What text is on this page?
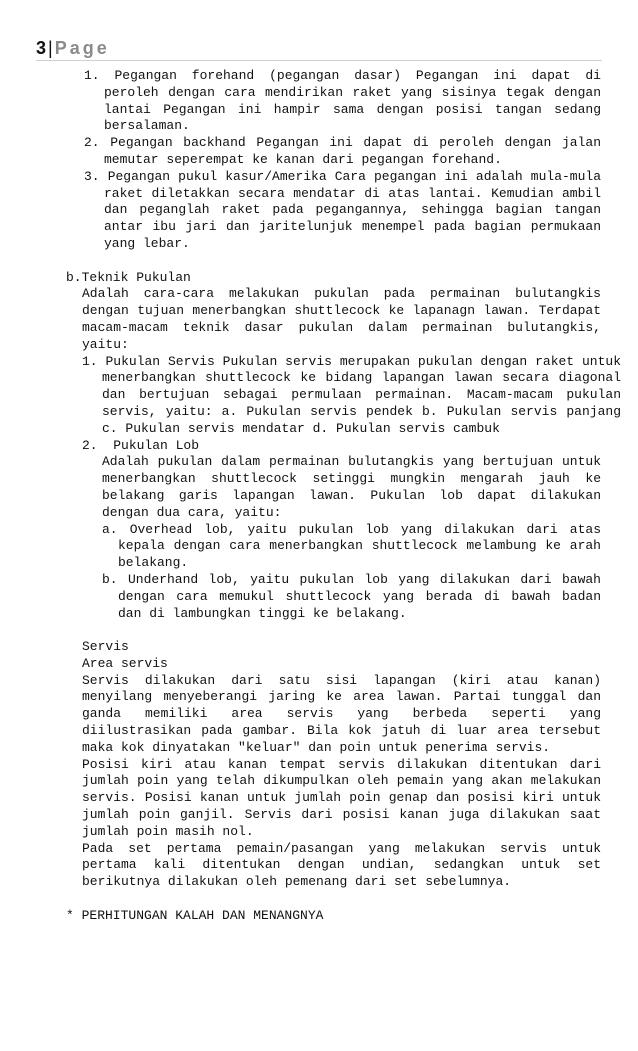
3 | Page

1. Pegangan forehand (pegangan dasar) Pegangan ini dapat di peroleh dengan cara mendirikan raket yang sisinya tegak dengan lantai Pegangan ini hampir sama dengan posisi tangan sedang bersalaman.

2. Pegangan backhand Pegangan ini dapat di peroleh dengan jalan memutar seperempat ke kanan dari pegangan forehand.

3. Pegangan pukul kasur/Amerika Cara pegangan ini adalah mula-mula raket diletakkan secara mendatar di atas lantai. Kemudian ambil dan peganglah raket pada pegangannya, sehingga bagian tangan antar ibu jari dan jaritelunjuk menempel pada bagian permukaan yang lebar.

b.Teknik Pukulan

Adalah cara-cara melakukan pukulan pada permainan bulutangkis dengan tujuan menerbangkan shuttlecock ke lapanagn lawan. Terdapat macam-macam teknik dasar pukulan dalam permainan bulutangkis, yaitu:

1. Pukulan Servis Pukulan servis merupakan pukulan dengan raket untuk menerbangkan shuttlecock ke bidang lapangan lawan secara diagonal dan bertujuan sebagai permulaan permainan. Macam-macam pukulan servis, yaitu: a. Pukulan servis pendek b. Pukulan servis panjang c. Pukulan servis mendatar d. Pukulan servis cambuk

2. Pukulan Lob

Adalah pukulan dalam permainan bulutangkis yang bertujuan untuk menerbangkan shuttlecock setinggi mungkin mengarah jauh ke belakang garis lapangan lawan. Pukulan lob dapat dilakukan dengan dua cara, yaitu:

a. Overhead lob, yaitu pukulan lob yang dilakukan dari atas kepala dengan cara menerbangkan shuttlecock melambung ke arah belakang.

b. Underhand lob, yaitu pukulan lob yang dilakukan dari bawah dengan cara memukul shuttlecock yang berada di bawah badan dan di lambungkan tinggi ke belakang.

Servis

Area servis

Servis dilakukan dari satu sisi lapangan (kiri atau kanan) menyilang menyeberangi jaring ke area lawan. Partai tunggal dan ganda memiliki area servis yang berbeda seperti yang diilustrasikan pada gambar. Bila kok jatuh di luar area tersebut maka kok dinyatakan "keluar" dan poin untuk penerima servis.

Posisi kiri atau kanan tempat servis dilakukan ditentukan dari jumlah poin yang telah dikumpulkan oleh pemain yang akan melakukan servis. Posisi kanan untuk jumlah poin genap dan posisi kiri untuk jumlah poin ganjil. Servis dari posisi kanan juga dilakukan saat jumlah poin masih nol.

Pada set pertama pemain/pasangan yang melakukan servis untuk pertama kali ditentukan dengan undian, sedangkan untuk set berikutnya dilakukan oleh pemenang dari set sebelumnya.

* PERHITUNGAN KALAH DAN MENANGNYA
